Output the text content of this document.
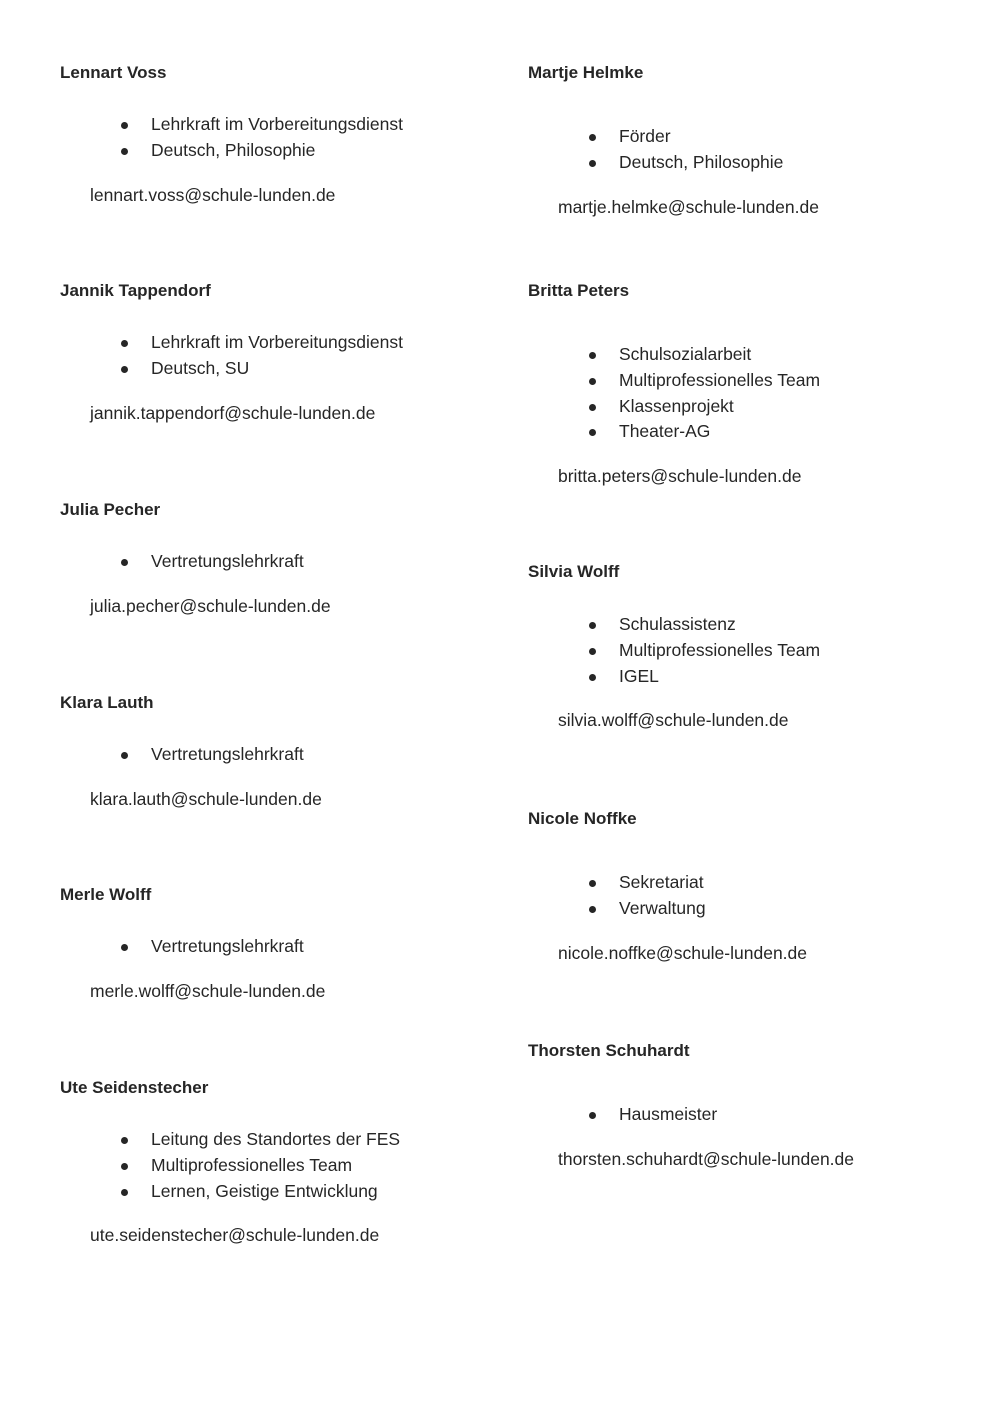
Lennart Voss

Lehrkraft im Vorbereitungsdienst
Deutsch, Philosophie

lennart.voss@schule-lunden.de

Jannik Tappendorf

Lehrkraft im Vorbereitungsdienst
Deutsch, SU

jannik.tappendorf@schule-lunden.de

Julia Pecher

Vertretungslehrkraft

julia.pecher@schule-lunden.de

Klara Lauth

Vertretungslehrkraft

klara.lauth@schule-lunden.de

Merle Wolff

Vertretungslehrkraft

merle.wolff@schule-lunden.de

Ute Seidenstecher

Leitung des Standortes der FES
Multiprofessionelles Team
Lernen, Geistige Entwicklung

ute.seidenstecher@schule-lunden.de

Martje Helmke

Förder
Deutsch, Philosophie

martje.helmke@schule-lunden.de

Britta Peters

Schulsozialarbeit
Multiprofessionelles Team
Klassenprojekt
Theater-AG

britta.peters@schule-lunden.de

Silvia Wolff

Schulassistenz
Multiprofessionelles Team
IGEL

silvia.wolff@schule-lunden.de

Nicole Noffke

Sekretariat
Verwaltung

nicole.noffke@schule-lunden.de

Thorsten Schuhardt

Hausmeister

thorsten.schuhardt@schule-lunden.de
